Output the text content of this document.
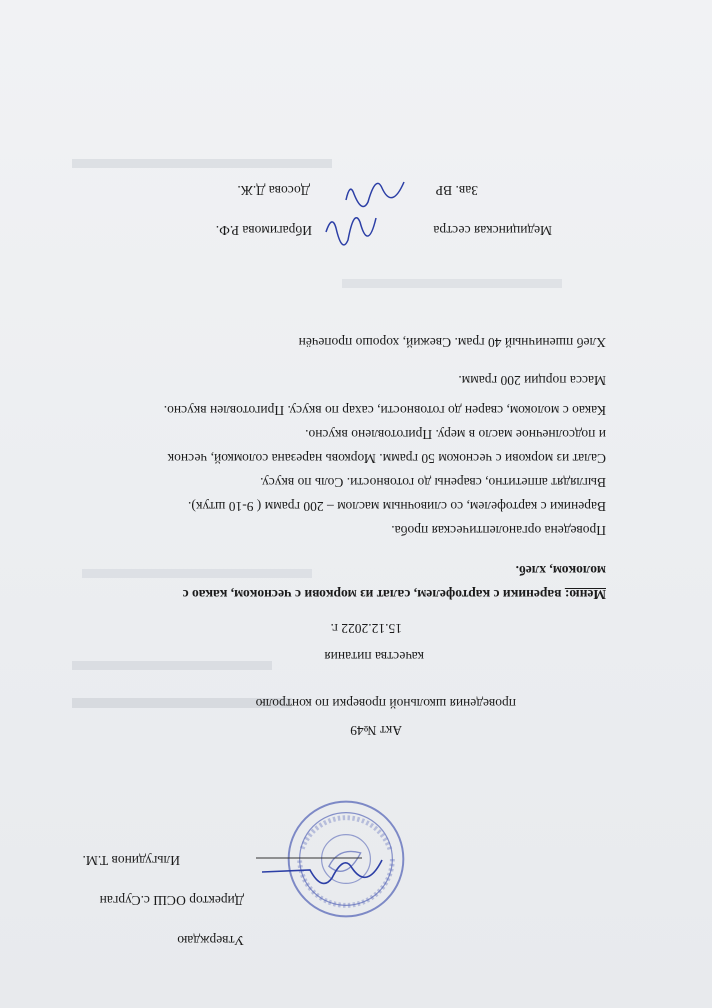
Утверждаю
Директор ОСШ с.Сурган
Ильгудинов Т.М.
Акт №49
проведения школьной проверки по контролю
качества питания
15.12.2022 г.
Меню: вареники с картофелем, салат из моркови с чесноком, какао с
молоком, хлеб.
Проведена органолептическая проба.
Вареники с картофелем, со сливочным маслом – 200 грамм ( 9-10 штук).
Выглядят аппетитно, сварены до готовности. Соль по вкусу.
Салат из моркови с чесноком 50 грамм. Морковь нарезана соломкой, чеснок
и подсолнечное масло в меру. Приготовлено вкусно.
Какао с молоком, сварен до готовности, сахар по вкусу. Приготовлен вкусно.
Масса порции 200 грамм.
Хлеб пшеничный 40 грам. Свежий, хорошо пропечён
Медицинская сестра
Ибрагимова Р.Ф.
Зав. ВР
Досова Д.Ж.
